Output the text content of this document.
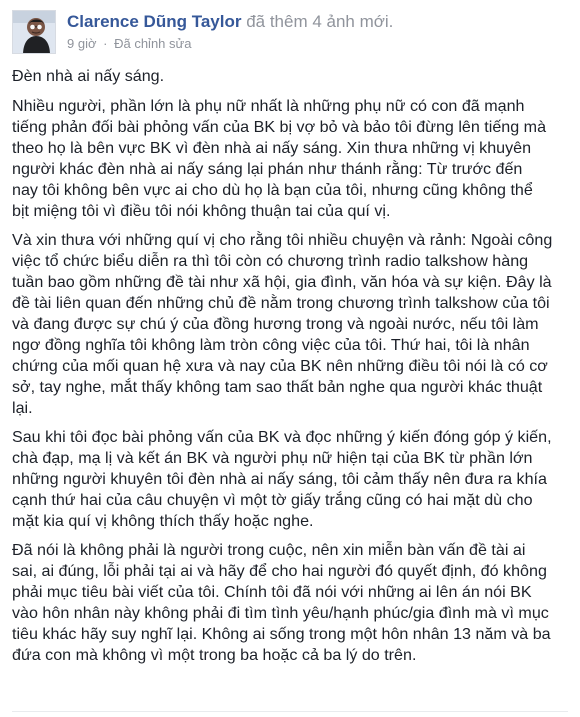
Clarence Dũng Taylor đã thêm 4 ảnh mới.
9 giờ · Đã chỉnh sửa

Đèn nhà ai nấy sáng.

Nhiều người, phần lớn là phụ nữ nhất là những phụ nữ có con đã mạnh
tiếng phản đối bài phỏng vấn của BK bị vợ bỏ và bảo tôi đừng lên tiếng mà
theo họ là bên vực BK vì đèn nhà ai nấy sáng. Xin thưa những vị khuyên
người khác đèn nhà ai nấy sáng lại phán như thánh rằng: Từ trước đến
nay tôi không bên vực ai cho dù họ là bạn của tôi, nhưng cũng không thể
bịt miệng tôi vì điều tôi nói không thuận tai của quí vị.

Và xin thưa với những quí vị cho rằng tôi nhiều chuyện và rảnh: Ngoài công
việc tổ chức biểu diễn ra thì tôi còn có chương trình radio talkshow hàng
tuần bao gồm những đề tài như xã hội, gia đình, văn hóa và sự kiện. Đây là
đề tài liên quan đến những chủ đề nằm trong chương trình talkshow của tôi
và đang được sự chú ý của đồng hương trong và ngoài nước, nếu tôi làm
ngơ đồng nghĩa tôi không làm tròn công việc của tôi. Thứ hai, tôi là nhân
chứng của mối quan hệ xưa và nay của BK nên những điều tôi nói là có cơ
sở, tay nghe, mắt thấy không tam sao thất bản nghe qua người khác thuật
lại.

Sau khi tôi đọc bài phỏng vấn của BK và đọc những ý kiến đóng góp ý kiến,
chà đạp, mạ lị và kết án BK và người phụ nữ hiện tại của BK từ phần lớn
những người khuyên tôi đèn nhà ai nấy sáng, tôi cảm thấy nên đưa ra khía
cạnh thứ hai của câu chuyện vì một tờ giấy trắng cũng có hai mặt dù cho
mặt kia quí vị không thích thấy hoặc nghe.

Đã nói là không phải là người trong cuộc, nên xin miễn bàn vấn đề tài ai
sai, ai đúng, lỗi phải tại ai và hãy để cho hai người đó quyết định, đó không
phải mục tiêu bài viết của tôi. Chính tôi đã nói với những ai lên án nói BK
vào hôn nhân này không phải đi tìm tình yêu/hạnh phúc/gia đình mà vì mục
tiêu khác hãy suy nghĩ lại. Không ai sống trong một hôn nhân 13 năm và ba
đứa con mà không vì một trong ba hoặc cả ba lý do trên.
